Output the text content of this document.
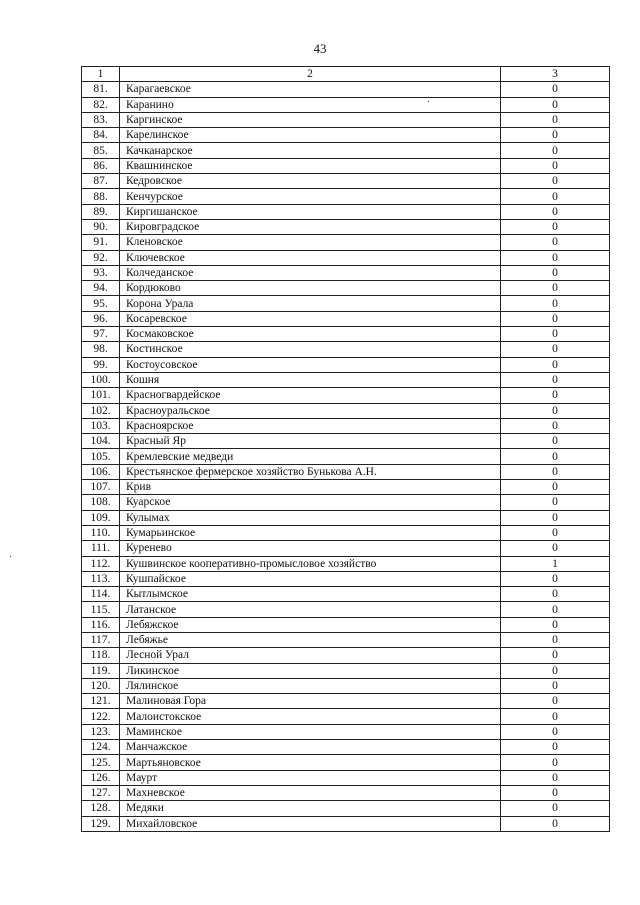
43
1	2	3
81.	Карагаевское	0
82.	Каранино	0
83.	Каргинское	0
84.	Карелинское	0
85.	Качканарское	0
86.	Квашнинское	0
87.	Кедровское	0
88.	Кенчурское	0
89.	Киргишанское	0
90.	Кировградское	0
91.	Кленовское	0
92.	Ключевское	0
93.	Колчеданское	0
94.	Кордюково	0
95.	Корона Урала	0
96.	Косаревское	0
97.	Космаковское	0
98.	Костинское	0
99.	Костоусовское	0
100.	Кошня	0
101.	Красногвардейское	0
102.	Красноуральское	0
103.	Красноярское	0
104.	Красный Яр	0
105.	Кремлевские медведи	0
106.	Крестьянское фермерское хозяйство Бунькова А.Н.	0
107.	Крив	0
108.	Куарское	0
109.	Кулымах	0
110.	Кумарьинское	0
111.	Куренево	0
112.	Кушвинское кооперативно-промысловое хозяйство	1
113.	Кушпайское	0
114.	Кытлымское	0
115.	Латанское	0
116.	Лебяжское	0
117.	Лебяжье	0
118.	Лесной Урал	0
119.	Ликинское	0
120.	Лялинское	0
121.	Малиновая Гора	0
122.	Малоистокское	0
123.	Маминское	0
124.	Манчажское	0
125.	Мартьяновское	0
126.	Маурт	0
127.	Махневское	0
128.	Медяки	0
129.	Михайловское	0
·
·
